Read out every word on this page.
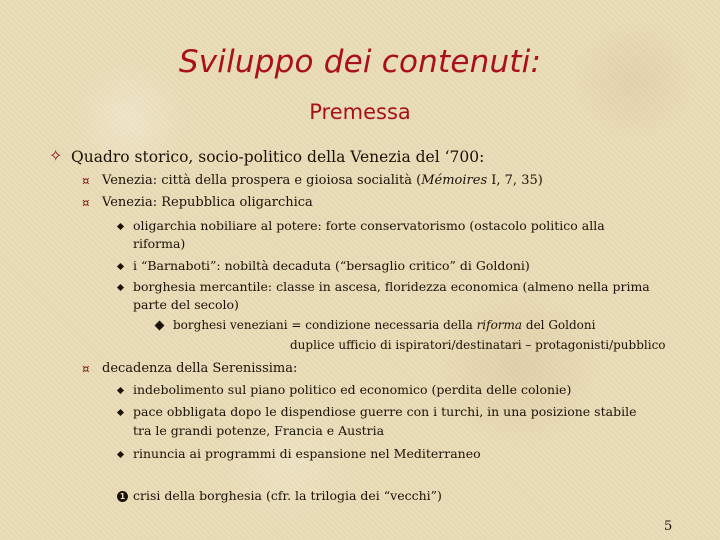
Sviluppo dei contenuti:
Premessa
✧ Quadro storico, socio-politico della Venezia del ‘700:
¤ Venezia: città della prospera e gioiosa socialità (Mémoires I, 7, 35)
¤ Venezia: Repubblica oligarchica
oligarchia nobiliare al potere: forte conservatorismo (ostacolo politico alla
riforma)
i “Barnaboti”: nobiltà decaduta (“bersaglio critico” di Goldoni)
borghesia mercantile: classe in ascesa, floridezza economica (almeno nella prima
parte del secolo)
borghesi veneziani = condizione necessaria della riforma del Goldoni
duplice ufficio di ispiratori/destinatari – protagonisti/pubblico
¤ decadenza della Serenissima:
indebolimento sul piano politico ed economico (perdita delle colonie)
pace obbligata dopo le dispendiose guerre con i turchi, in una posizione stabile
tra le grandi potenze, Francia e Austria
rinuncia ai programmi di espansione nel Mediterraneo
1 crisi della borghesia (cfr. la trilogia dei “vecchi”)
5
